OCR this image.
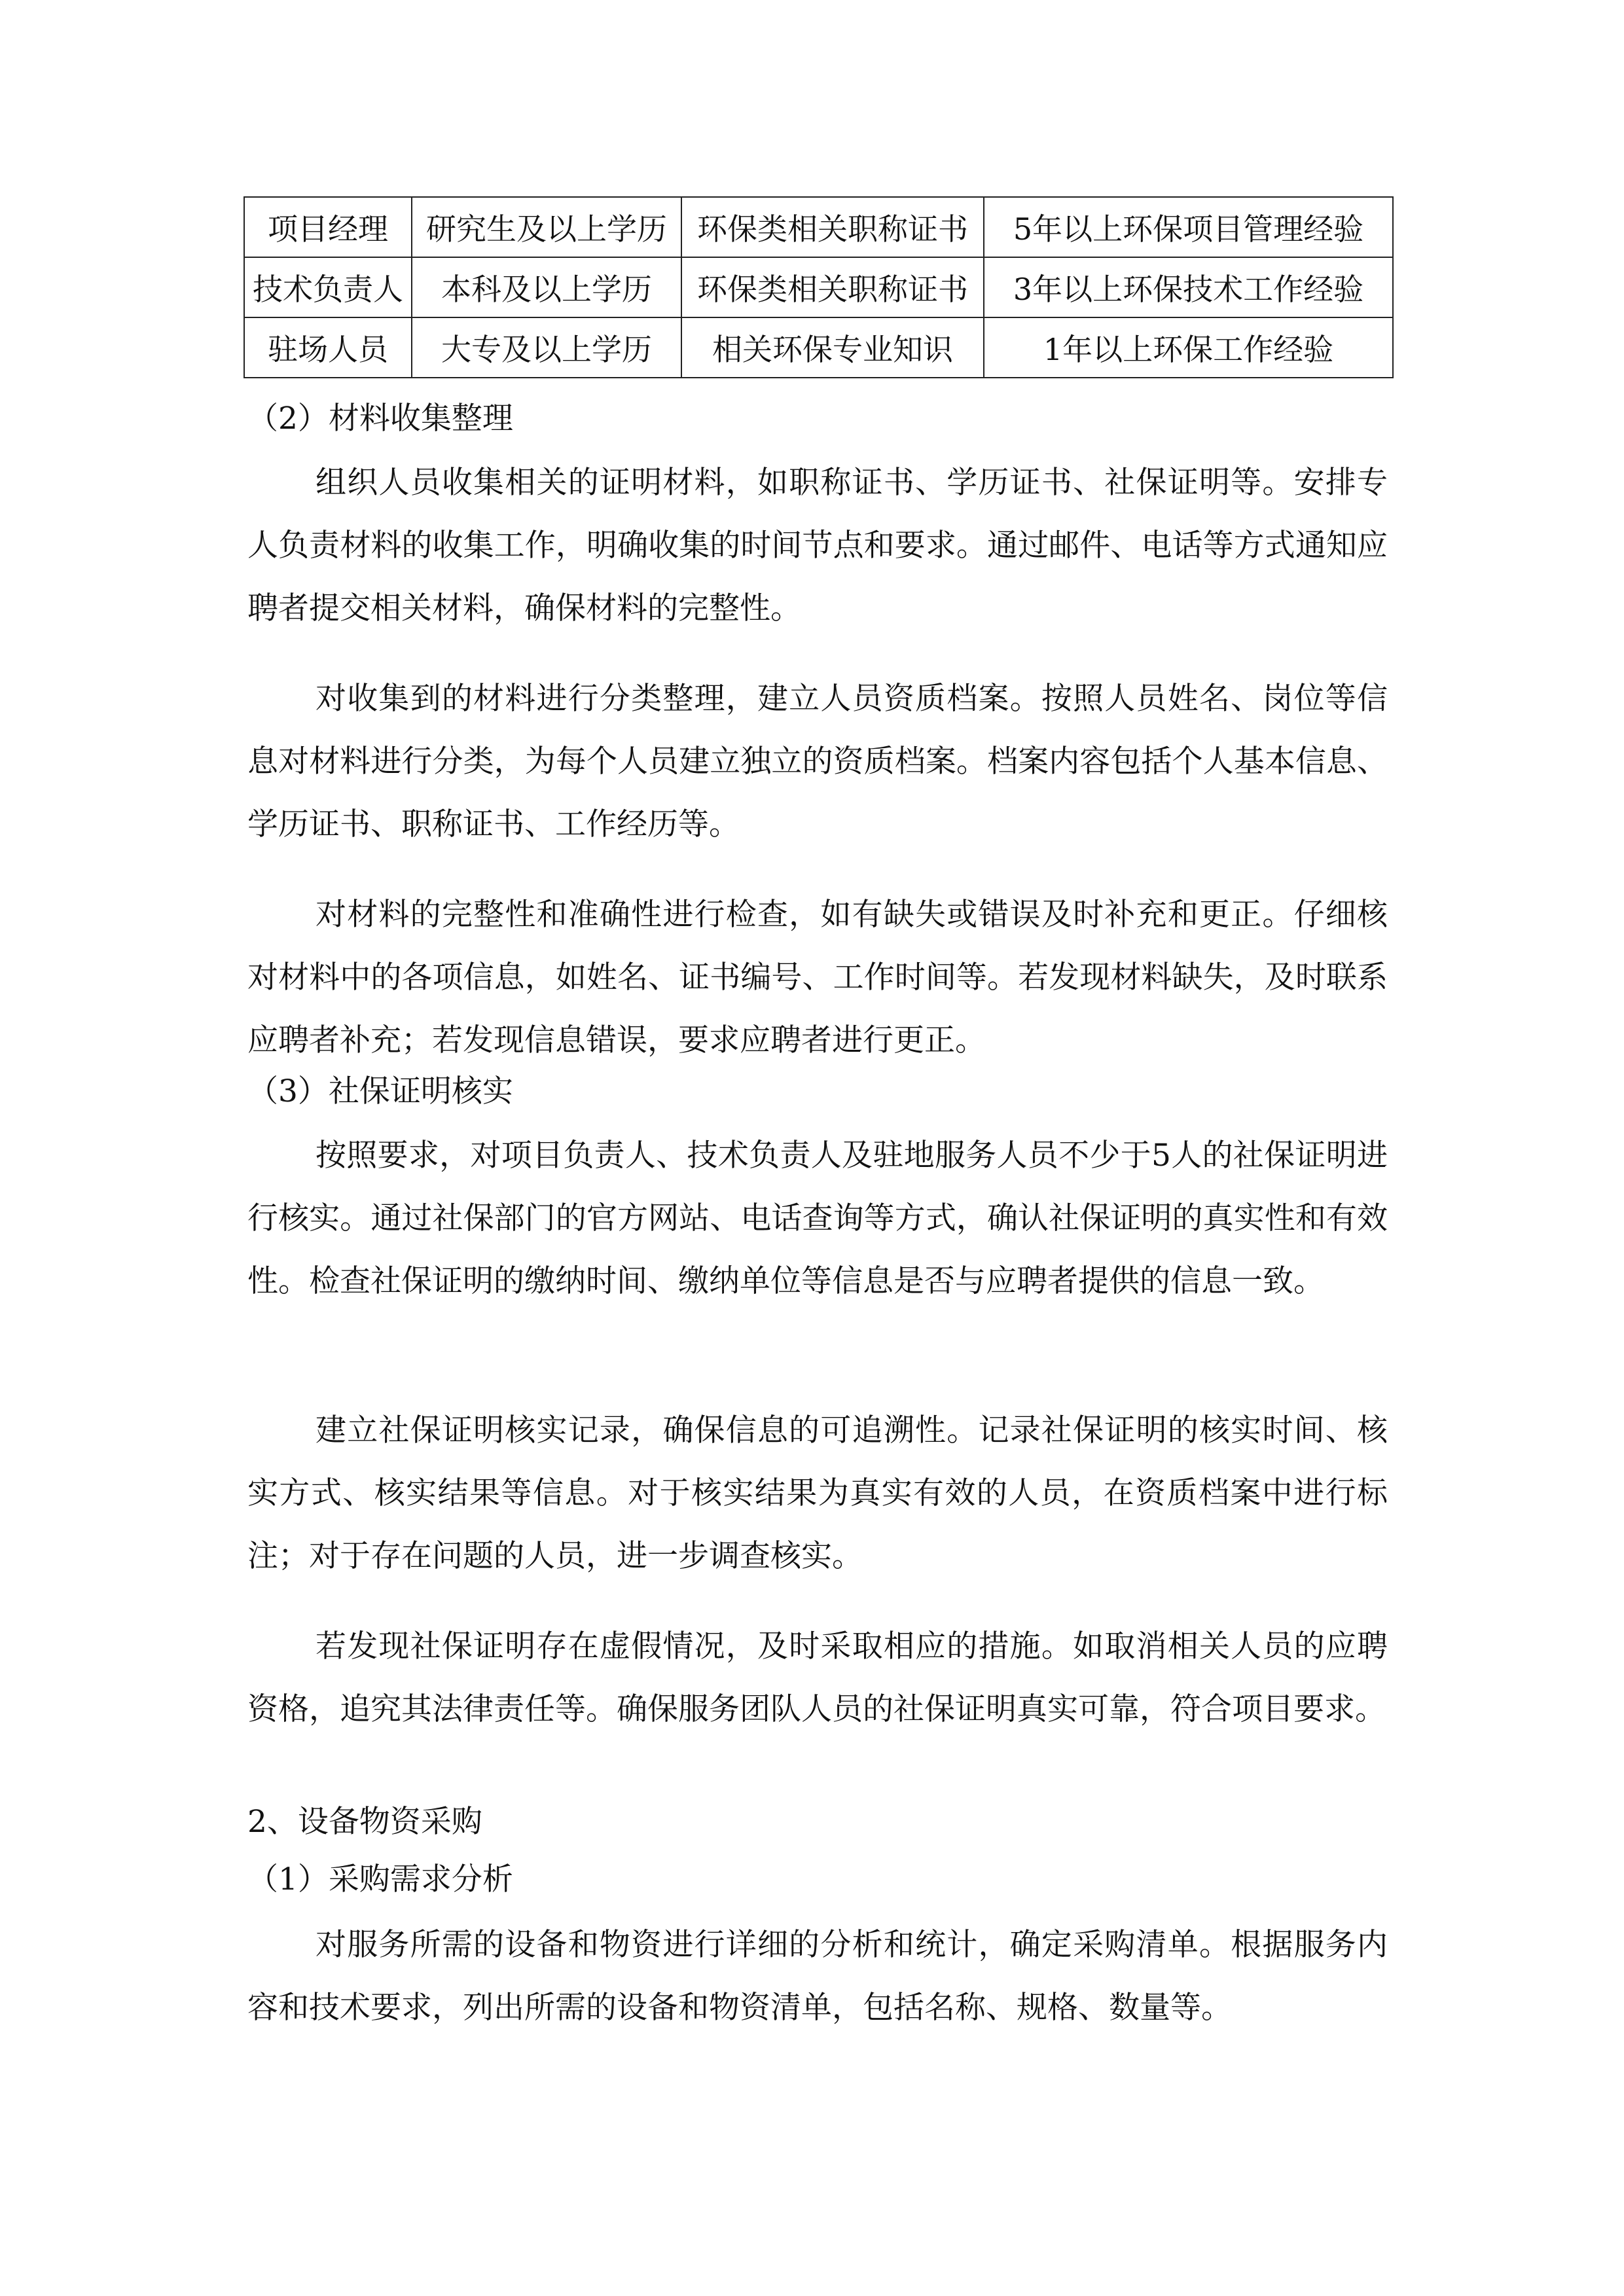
项目经理	研究生及以上学历	环保类相关职称证书	5年以上环保项目管理经验
技术负责人	本科及以上学历	环保类相关职称证书	3年以上环保技术工作经验
驻场人员	大专及以上学历	相关环保专业知识	1年以上环保工作经验
（2）材料收集整理

组织人员收集相关的证明材料，如职称证书、学历证书、社保证明等。安排专人负责材料的收集工作，明确收集的时间节点和要求。通过邮件、电话等方式通知应聘者提交相关材料，确保材料的完整性。

对收集到的材料进行分类整理，建立人员资质档案。按照人员姓名、岗位等信息对材料进行分类，为每个人员建立独立的资质档案。档案内容包括个人基本信息、学历证书、职称证书、工作经历等。

对材料的完整性和准确性进行检查，如有缺失或错误及时补充和更正。仔细核对材料中的各项信息，如姓名、证书编号、工作时间等。若发现材料缺失，及时联系应聘者补充；若发现信息错误，要求应聘者进行更正。

（3）社保证明核实

按照要求，对项目负责人、技术负责人及驻地服务人员不少于5人的社保证明进行核实。通过社保部门的官方网站、电话查询等方式，确认社保证明的真实性和有效性。检查社保证明的缴纳时间、缴纳单位等信息是否与应聘者提供的信息一致。

建立社保证明核实记录，确保信息的可追溯性。记录社保证明的核实时间、核实方式、核实结果等信息。对于核实结果为真实有效的人员，在资质档案中进行标注；对于存在问题的人员，进一步调查核实。

若发现社保证明存在虚假情况，及时采取相应的措施。如取消相关人员的应聘资格，追究其法律责任等。确保服务团队人员的社保证明真实可靠，符合项目要求。

2、设备物资采购
（1）采购需求分析

对服务所需的设备和物资进行详细的分析和统计，确定采购清单。根据服务内容和技术要求，列出所需的设备和物资清单，包括名称、规格、数量等。
